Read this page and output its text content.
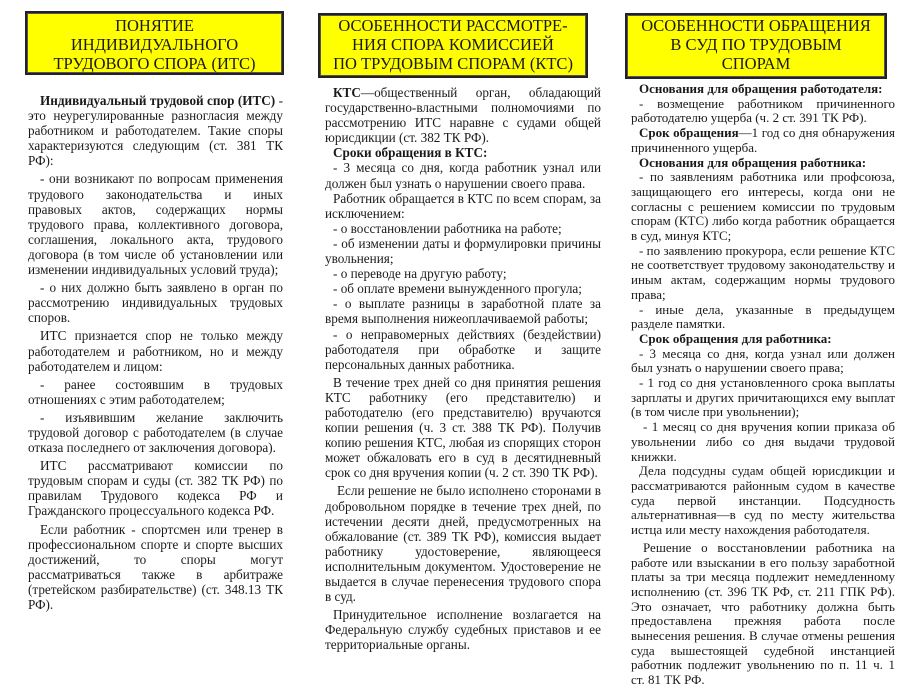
ПОНЯТИЕ
ИНДИВИДУАЛЬНОГО
ТРУДОВОГО СПОРА (ИТС)

Индивидуальный трудовой спор (ИТС) - это неурегулированные разногласия между работником и работодателем. Такие споры характеризуются следующим (ст. 381 ТК РФ):

- они возникают по вопросам применения трудового законодательства и иных правовых актов, содержащих нормы трудового права, коллективного договора, соглашения, локального акта, трудового договора (в том числе об установлении или изменении индивидуальных условий труда);

- о них должно быть заявлено в орган по рассмотрению индивидуальных трудовых споров.

ИТС признается спор не только между работодателем и работником, но и между работодателем и лицом:

- ранее состоявшим в трудовых отношениях с этим работодателем;

- изъявившим желание заключить трудовой договор с работодателем (в случае отказа последнего от заключения договора).

ИТС рассматривают комиссии по трудовым спорам и суды (ст. 382 ТК РФ) по правилам Трудового кодекса РФ и Гражданского процессуального кодекса РФ.

Если работник - спортсмен или тренер в профессиональном спорте и спорте высших достижений, то споры могут рассматриваться также в арбитраже (третейском разбирательстве) (ст. 348.13 ТК РФ).

ОСОБЕННОСТИ РАССМОТРЕ-
НИЯ СПОРА КОМИССИЕЙ
ПО ТРУДОВЫМ СПОРАМ (КТС)

КТС—общественный орган, обладающий государственно-властными полномочиями по рассмотрению ИТС наравне с судами общей юрисдикции (ст. 382 ТК РФ).

Сроки обращения в КТС:

- 3 месяца со дня, когда работник узнал или должен был узнать о нарушении своего права.

Работник обращается в КТС по всем спорам, за исключением:

- о восстановлении работника на работе;

- об изменении даты и формулировки причины увольнения;

- о переводе на другую работу;

- об оплате времени вынужденного прогула;

- о выплате разницы в заработной плате за время выполнения нижеоплачиваемой работы;

- о неправомерных действиях (бездействии) работодателя при обработке и защите персональных данных работника.

В течение трех дней со дня принятия решения КТС работнику (его представителю) и работодателю (его представителю) вручаются копии решения (ч. 3 ст. 388 ТК РФ). Получив копию решения КТС, любая из спорящих сторон может обжаловать его в суд в десятидневный срок со дня вручения копии (ч. 2 ст. 390 ТК РФ).

Если решение не было исполнено сторонами в добровольном порядке в течение трех дней, по истечении десяти дней, предусмотренных на обжалование (ст. 389 ТК РФ), комиссия выдает работнику удостоверение, являющееся исполнительным документом. Удостоверение не выдается в случае перенесения трудового спора в суд.

Принудительное исполнение возлагается на Федеральную службу судебных приставов и ее территориальные органы.

ОСОБЕННОСТИ ОБРАЩЕНИЯ
В СУД ПО ТРУДОВЫМ
СПОРАМ

Основания для обращения работодателя:

- возмещение работником причиненного работодателю ущерба (ч. 2 ст. 391 ТК РФ).

Срок обращения—1 год со дня обнаружения причиненного ущерба.

Основания для обращения работника:

- по заявлениям работника или профсоюза, защищающего его интересы, когда они не согласны с решением комиссии по трудовым спорам (КТС) либо когда работник обращается в суд, минуя КТС;

- по заявлению прокурора, если решение КТС не соответствует трудовому законодательству и иным актам, содержащим нормы трудового права;

- иные дела, указанные в предыдущем разделе памятки.

Срок обращения для работника:

- 3 месяца со дня, когда узнал или должен был узнать о нарушении своего права;

- 1 год со дня установленного срока выплаты зарплаты и других причитающихся ему выплат (в том числе при увольнении);

- 1 месяц со дня вручения копии приказа об увольнении либо со дня выдачи трудовой книжки.

Дела подсудны судам общей юрисдикции и рассматриваются районным судом в качестве суда первой инстанции. Подсудность альтернативная—в суд по месту жительства истца или месту нахождения работодателя.

Решение о восстановлении работника на работе или взыскании в его пользу заработной платы за три месяца подлежит немедленному исполнению (ст. 396 ТК РФ, ст. 211 ГПК РФ). Это означает, что работнику должна быть предоставлена прежняя работа после вынесения решения. В случае отмены решения суда вышестоящей судебной инстанцией работник подлежит увольнению по п. 11 ч. 1 ст. 81 ТК РФ.
